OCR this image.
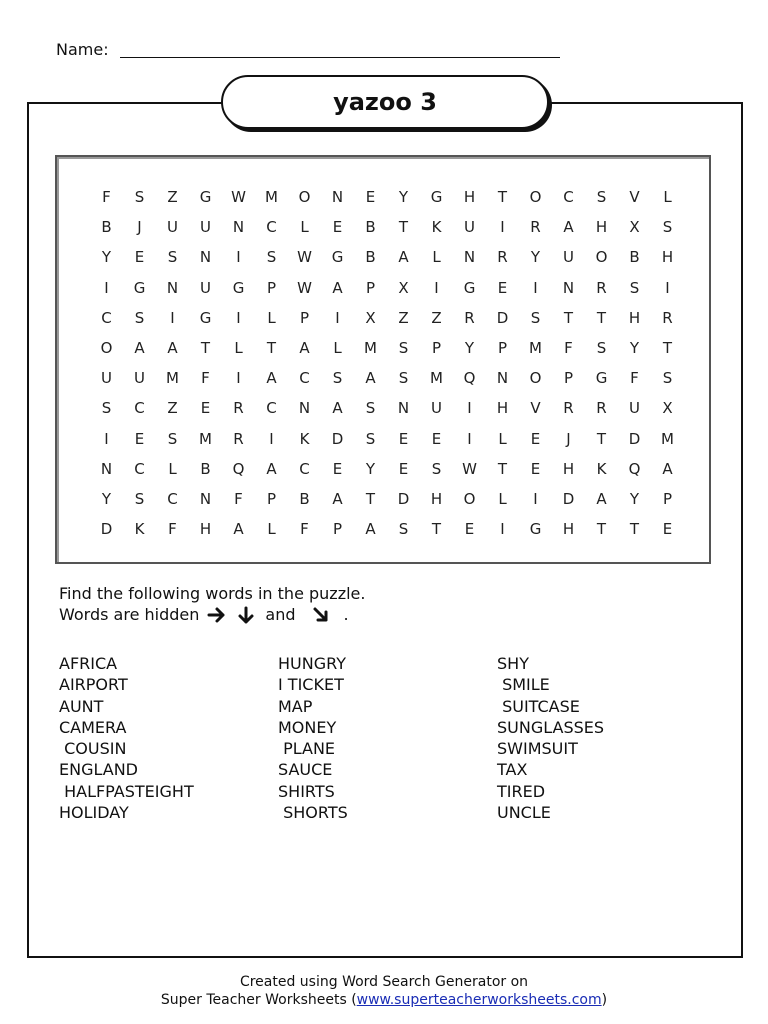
Name:
yazoo 3
F	S	Z	G	W	M	O	N	E	Y	G	H	T	O	C	S	V	L
B	J	U	U	N	C	L	E	B	T	K	U	I	R	A	H	X	S
Y	E	S	N	I	S	W	G	B	A	L	N	R	Y	U	O	B	H
I	G	N	U	G	P	W	A	P	X	I	G	E	I	N	R	S	I
C	S	I	G	I	L	P	I	X	Z	Z	R	D	S	T	T	H	R
O	A	A	T	L	T	A	L	M	S	P	Y	P	M	F	S	Y	T
U	U	M	F	I	A	C	S	A	S	M	Q	N	O	P	G	F	S
S	C	Z	E	R	C	N	A	S	N	U	I	H	V	R	R	U	X
I	E	S	M	R	I	K	D	S	E	E	I	L	E	J	T	D	M
N	C	L	B	Q	A	C	E	Y	E	S	W	T	E	H	K	Q	A
Y	S	C	N	F	P	B	A	T	D	H	O	L	I	D	A	Y	P
D	K	F	H	A	L	F	P	A	S	T	E	I	G	H	T	T	E
Find the following words in the puzzle.
Words are hidden	and	.
AFRICA
AIRPORT
AUNT
CAMERA
COUSIN
ENGLAND
HALFPASTEIGHT
HOLIDAY
HUNGRY
I TICKET
MAP
MONEY
PLANE
SAUCE
SHIRTS
SHORTS
SHY
SMILE
SUITCASE
SUNGLASSES
SWIMSUIT
TAX
TIRED
UNCLE
Created using Word Search Generator on
Super Teacher Worksheets (www.superteacherworksheets.com)
